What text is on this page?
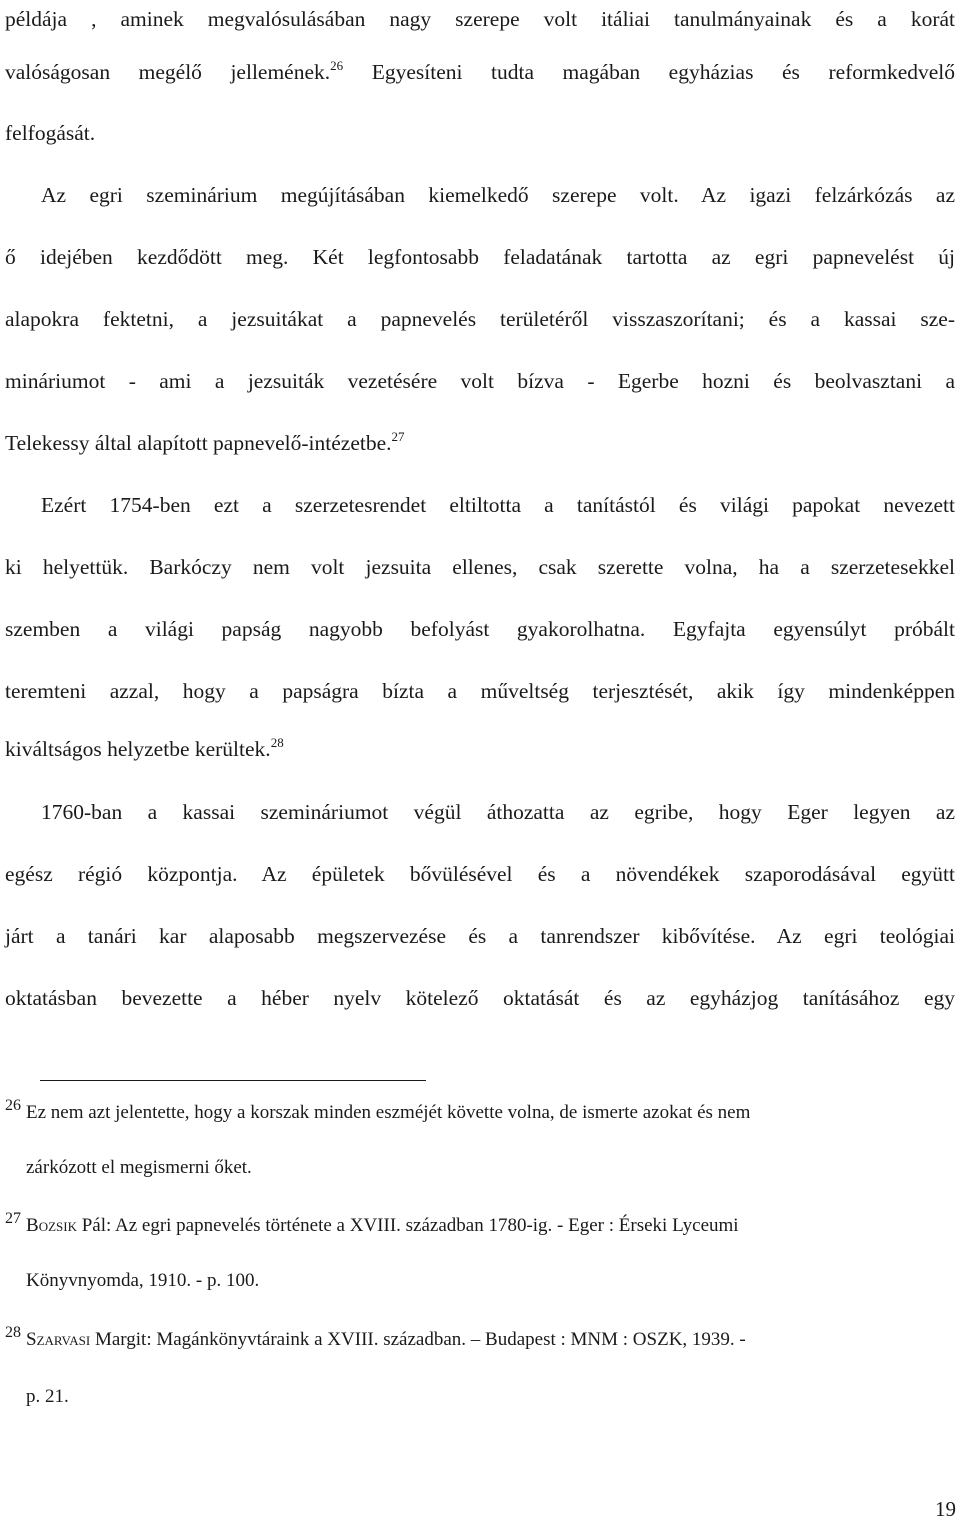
példája , aminek megvalósulásában nagy szerepe volt itáliai tanulmányainak és a korát
valóságosan megélő jellemének.$^{26}$ Egyesíteni tudta magában egyházias és reformkedvelő
felfogását.
Az egri szeminárium megújításában kiemelkedő szerepe volt. Az igazi felzárkózás az
ő idejében kezdődött meg. Két legfontosabb feladatának tartotta az egri papnevelést új
alapokra fektetni, a jezsuitákat a papnevelés területéről visszaszorítani; és a kassai sze-
mináriumot - ami a jezsuiták vezetésére volt bízva - Egerbe hozni és beolvasztani a
Telekessy által alapított papnevelő-intézetbe.$^{27}$
Ezért 1754-ben ezt a szerzetesrendet eltiltotta a tanítástól és világi papokat nevezett
ki helyettük. Barkóczy nem volt jezsuita ellenes, csak szerette volna, ha a szerzetesekkel
szemben a világi papság nagyobb befolyást gyakorolhatna. Egyfajta egyensúlyt próbált
teremteni azzal, hogy a papságra bízta a műveltség terjesztését, akik így mindenképpen
kiváltságos helyzetbe kerültek.$^{28}$
1760-ban a kassai szemináriumot végül áthozatta az egribe, hogy Eger legyen az
egész régió központja. Az épületek bővülésével és a növendékek szaporodásával együtt
járt a tanári kar alaposabb megszervezése és a tanrendszer kibővítése. Az egri teológiai
oktatásban bevezette a héber nyelv kötelező oktatását és az egyházjog tanításához egy
26 Ez nem azt jelentette, hogy a korszak minden eszméjét követte volna, de ismerte azokat és nem
zárkózott el megismerni őket.
27 Bozsik Pál: Az egri papnevelés története a XVIII. században 1780-ig. - Eger : Érseki Lyceumi
Könyvnyomda, 1910. - p. 100.
28 Szarvasi Margit: Magánkönyvtáraink a XVIII. században. – Budapest : MNM : OSZK, 1939. -
p. 21.
19
